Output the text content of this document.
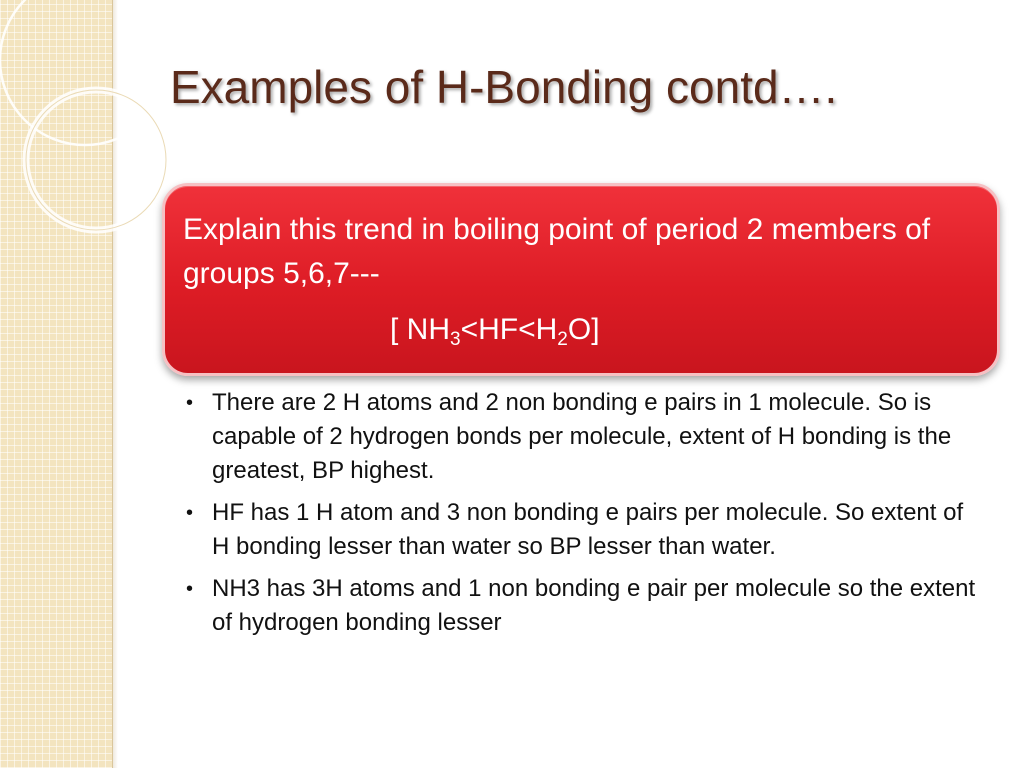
Examples of H-Bonding contd….

Explain this trend in boiling point of period 2 members of groups 5,6,7---

[ $NH_3<HF<H_2O$]

• There are 2 H atoms and 2 non bonding e pairs in 1 molecule. So is capable of 2 hydrogen bonds per molecule, extent of H bonding is the greatest, BP highest.
• HF has 1 H atom and 3 non bonding e pairs per molecule. So extent of H bonding lesser than water so BP lesser than water.
• NH3 has 3H atoms and 1 non bonding e pair per molecule so the extent of hydrogen bonding lesser
